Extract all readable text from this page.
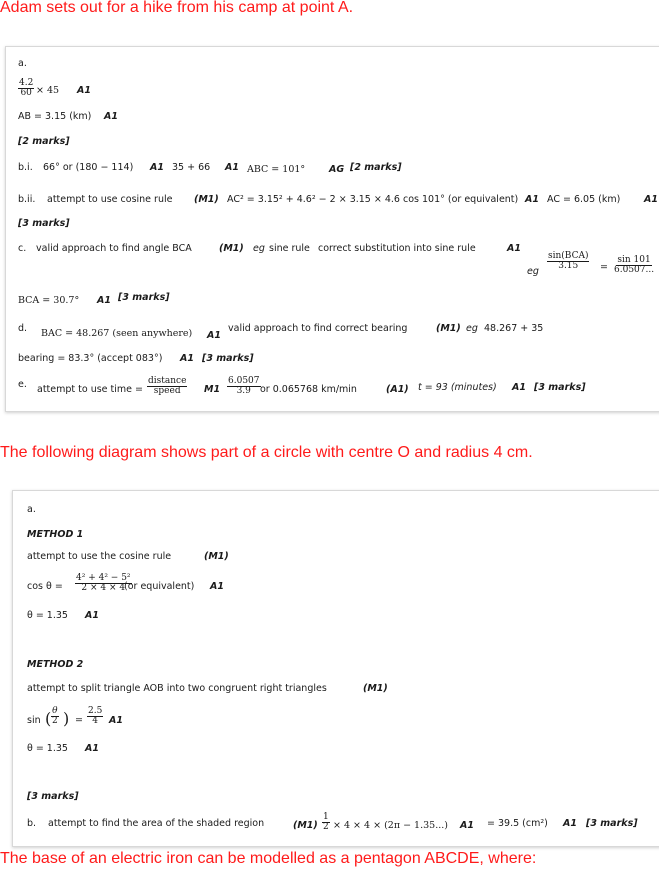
Adam sets out for a hike from his camp at point A.
The following diagram shows part of a circle with centre O and radius 4 cm.
The base of an electric iron can be modelled as a pentagon ABCDE, where:
a.
$\frac{4.2}{60} \times 45$ A1
AB = 3.15 (km) A1
[2 marks]
b.i. 66° or (180 − 114) A1 35 + 66 A1 ABC = 101°	AG [2 marks]
b.ii. attempt to use cosine rule (M1) AC² = 3.15² + 4.6² − 2 × 3.15 × 4.6 cos 101° (or equivalent) A1 AC = 6.05 (km) A1
[3 marks]
c. valid approach to find angle BCA	(M1) eg sine rule correct substitution into sine rule	A1
eg
sin(BCA)
$3.15 = \frac{\sin 101}{6.0507...}$
BCA = 30.7° A1 [3 marks]
d. BAC = 48.267 (seen anywhere) A1
valid approach to find correct bearing	(M1) eg 48.267 + 35
bearing = 83.3° (accept 083°) A1 [3 marks]
e. attempt to use time =
distance
speed $M1 \frac{6.0507}{3.9}$ or 0.065768 km/min	(A1) t = 93 (minutes) A1 [3 marks]
a.
METHOD 1
attempt to use the cosine rule	(M1)
$\cos \theta = \frac{\text{4² + 4² − 5²}}{2 \times 4 \times 4}$
(or equivalent) A1
θ = 1.35 A1
METHOD 2
attempt to split triangle AOB into two congruent right triangles	(M1)
sin ( $\frac{\theta}{2}$ ) = $\frac{2.5}{4} A1$
θ = 1.35 A1
[3 marks]
b. attempt to find the area of the shaded region	$(M1) \frac{1}{2} \times 4 \times 4 \times (2\pi - 1.35...) A1 = 39.5$ (cm²) A1 [3 marks]
